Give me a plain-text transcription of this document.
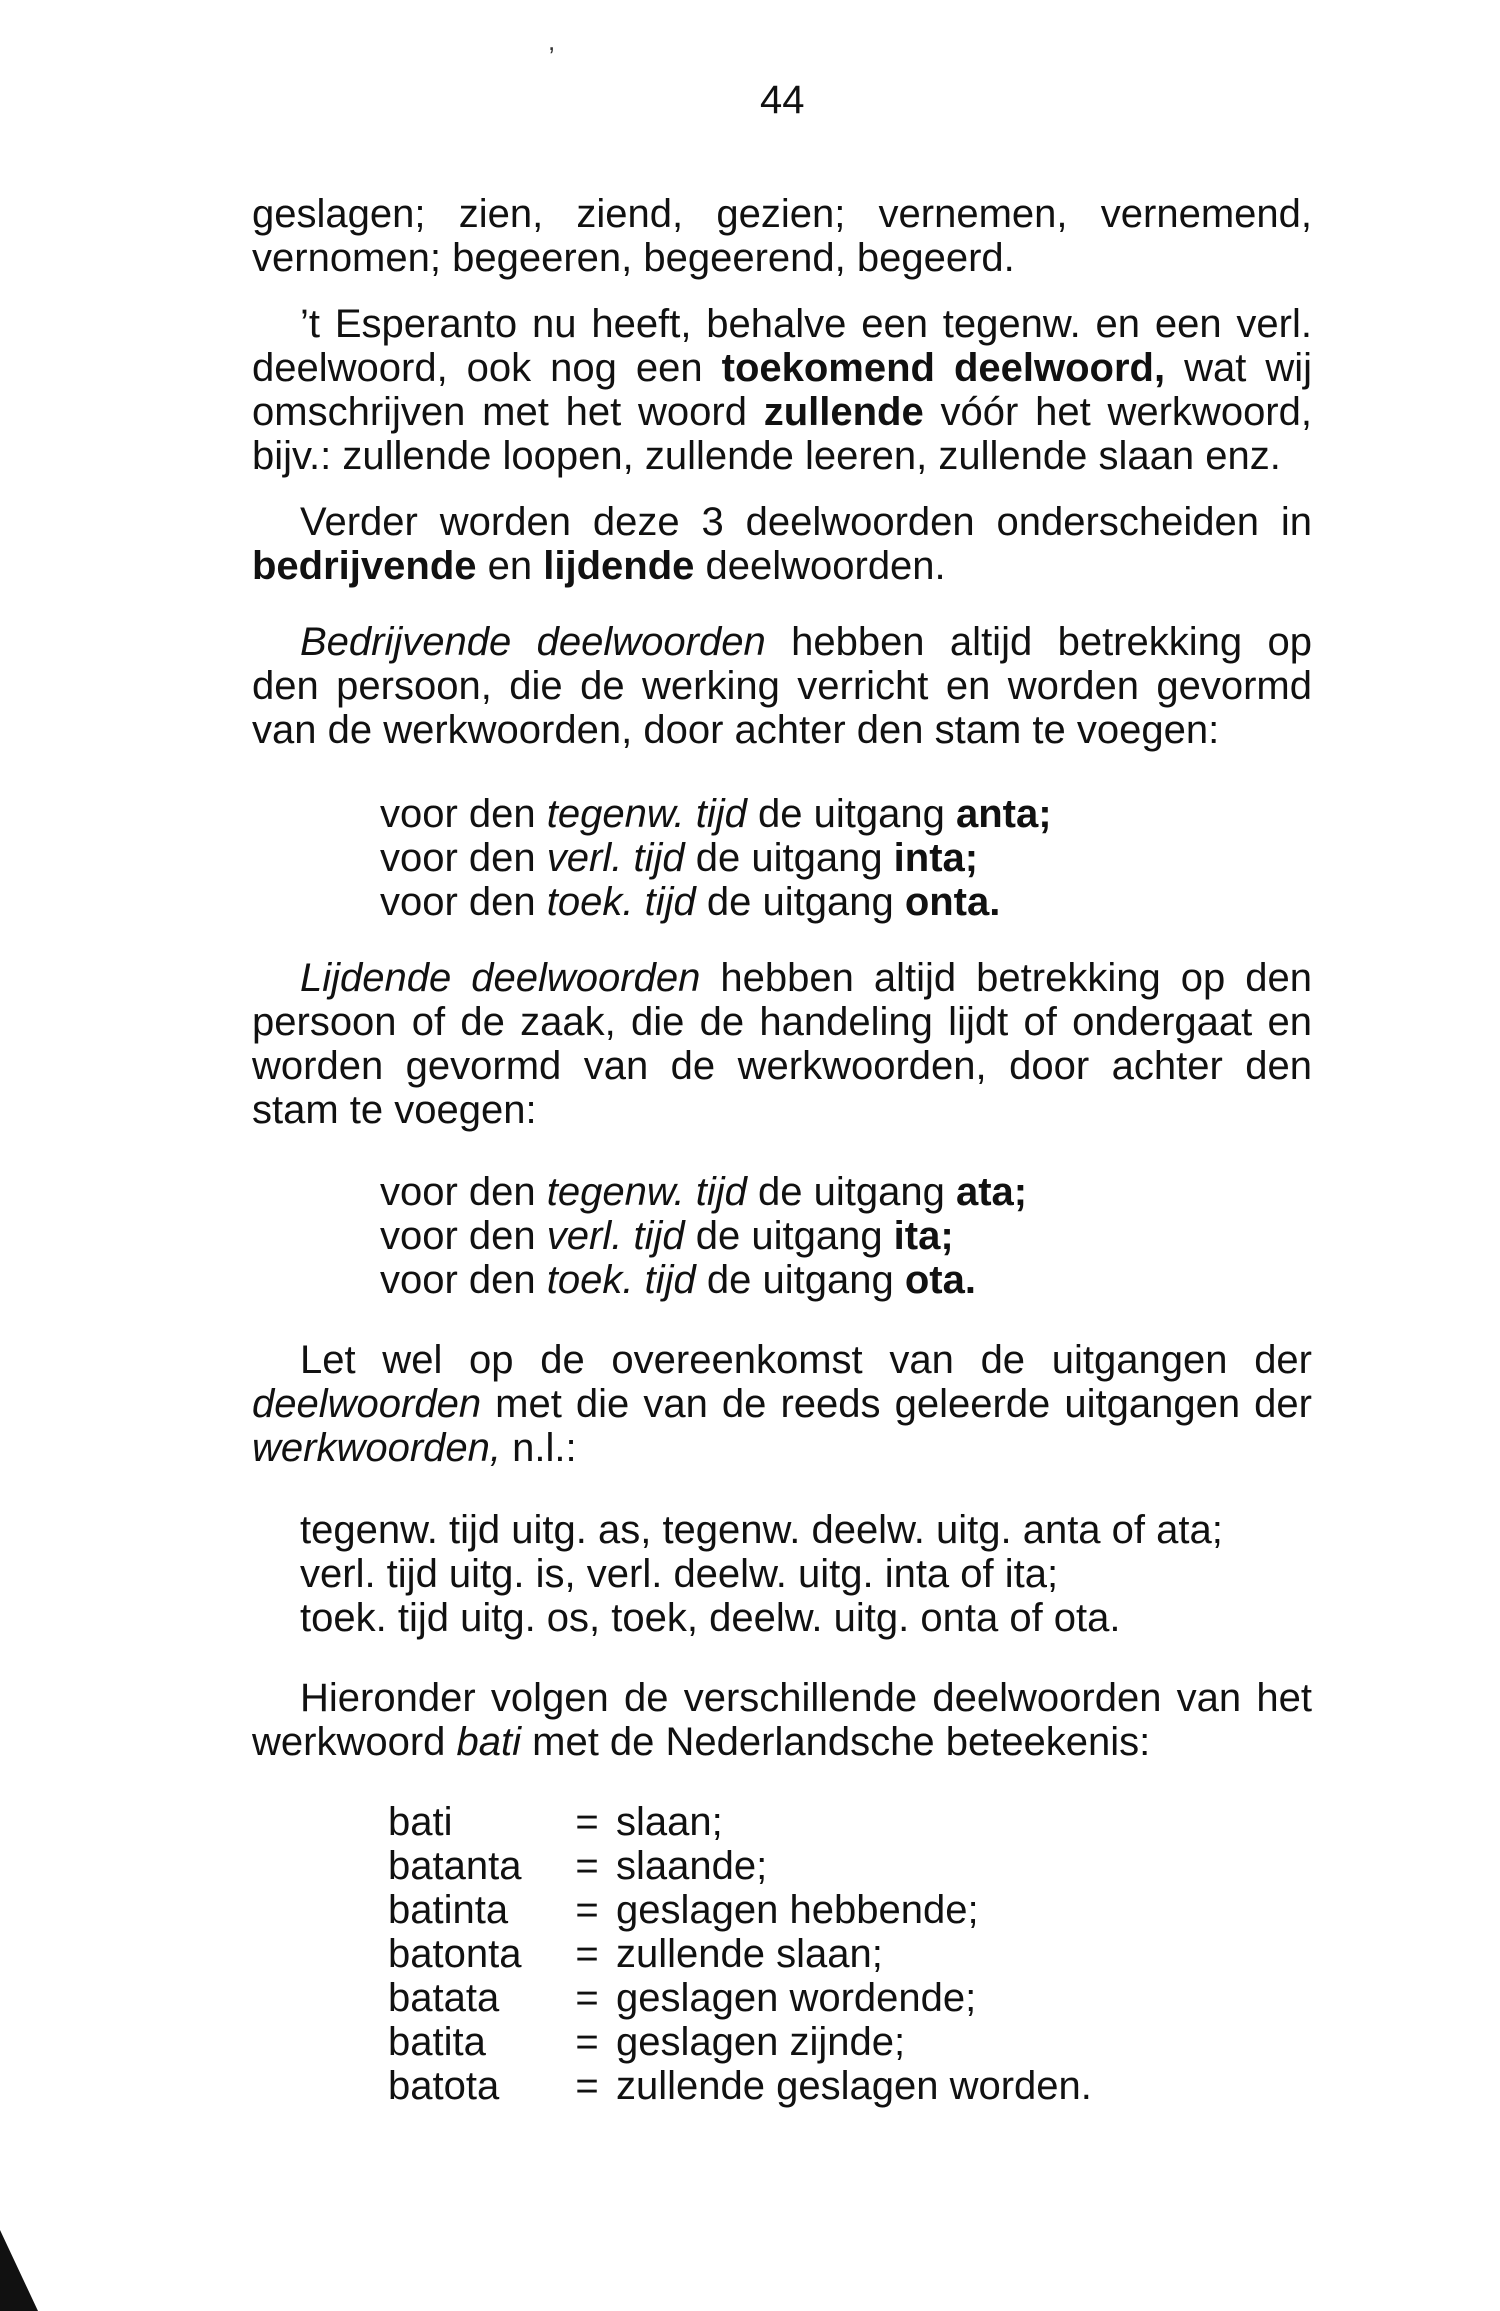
,
44

geslagen; zien, ziend, gezien; vernemen, vernemend, vernomen; begeeren, begeerend, begeerd.

’t Esperanto nu heeft, behalve een tegenw. en een verl. deelwoord, ook nog een toekomend deelwoord, wat wij omschrijven met het woord zullende vóór het werkwoord, bijv.: zullende loopen, zullende leeren, zullende slaan enz.

Verder worden deze 3 deelwoorden onderscheiden in bedrijvende en lijdende deelwoorden.

Bedrijvende deelwoorden hebben altijd betrekking op den persoon, die de werking verricht en worden gevormd van de werkwoorden, door achter den stam te voegen:

voor den tegenw. tijd de uitgang anta;
voor den verl. tijd de uitgang inta;
voor den toek. tijd de uitgang onta.

Lijdende deelwoorden hebben altijd betrekking op den persoon of de zaak, die de handeling lijdt of ondergaat en worden gevormd van de werkwoorden, door achter den stam te voegen:

voor den tegenw. tijd de uitgang ata;
voor den verl. tijd de uitgang ita;
voor den toek. tijd de uitgang ota.

Let wel op de overeenkomst van de uitgangen der deelwoorden met die van de reeds geleerde uitgangen der werkwoorden, n.l.:

tegenw. tijd uitg. as, tegenw. deelw. uitg. anta of ata;
verl. tijd uitg. is, verl. deelw. uitg. inta of ita;
toek. tijd uitg. os, toek, deelw. uitg. onta of ota.

Hieronder volgen de verschillende deelwoorden van het werkwoord bati met de Nederlandsche beteekenis:

bati	= slaan;
batanta	= slaande;
batinta	= geslagen hebbende;
batonta	= zullende slaan;
batata	= geslagen wordende;
batita	= geslagen zijnde;
batota	= zullende geslagen worden.
